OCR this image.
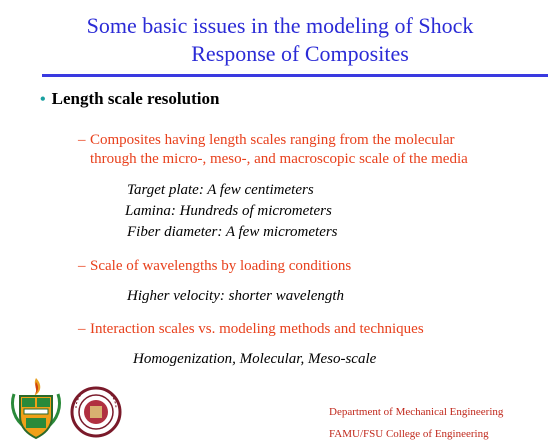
Some basic issues in the modeling of Shock
Response of Composites
• Length scale resolution
– Composites having length scales ranging from the molecular
through the micro-, meso-, and macroscopic scale of the media
Target plate: A few centimeters
Lamina: Hundreds of micrometers
Fiber diameter: A few micrometers
– Scale of wavelengths by loading conditions
Higher velocity: shorter wavelength
– Interaction scales vs. modeling methods and techniques
Homogenization, Molecular, Meso-scale
Department of Mechanical Engineering
FAMU/FSU College of Engineering
